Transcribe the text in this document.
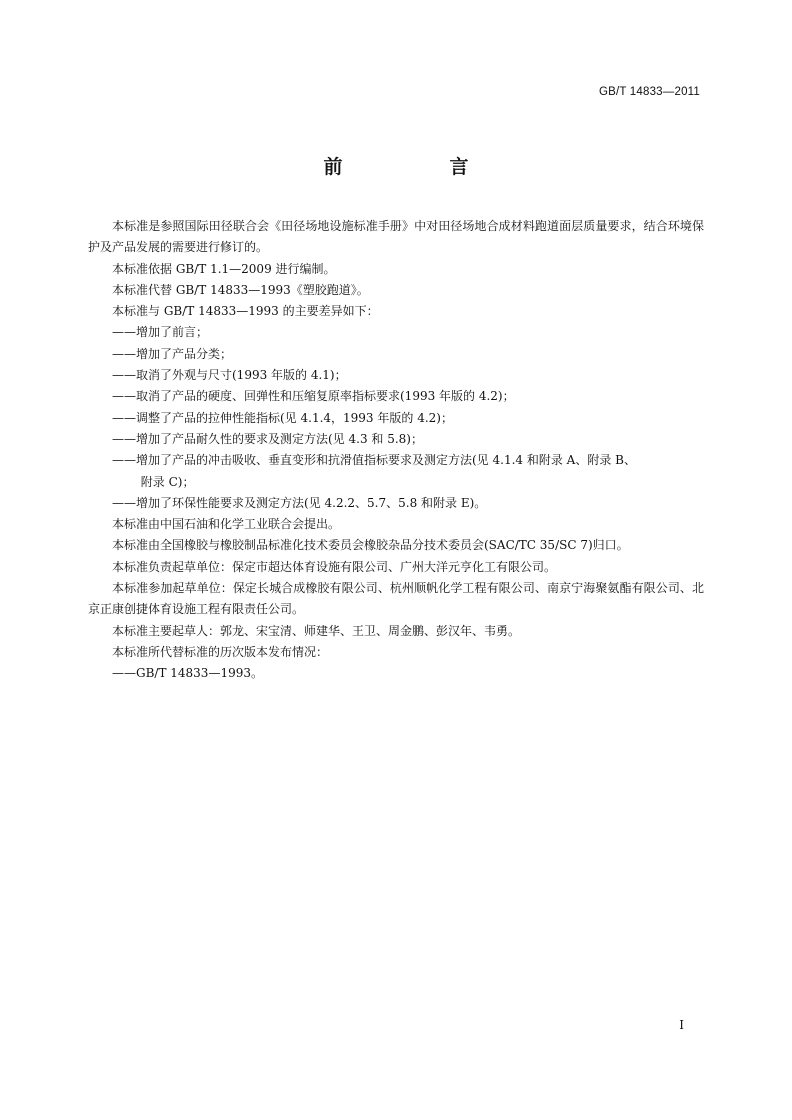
GB/T 14833—2011
前　言

本标准是参照国际田径联合会《田径场地设施标准手册》中对田径场地合成材料跑道面层质量要求，结合环境保护及产品发展的需要进行修订的。

本标准依据 GB/T 1.1—2009 进行编制。

本标准代替 GB/T 14833—1993《塑胶跑道》。

本标准与 GB/T 14833—1993 的主要差异如下：

——增加了前言；

——增加了产品分类；

——取消了外观与尺寸(1993 年版的 4.1)；

——取消了产品的硬度、回弹性和压缩复原率指标要求(1993 年版的 4.2)；

——调整了产品的拉伸性能指标(见 4.1.4，1993 年版的 4.2)；

——增加了产品耐久性的要求及测定方法(见 4.3 和 5.8)；

——增加了产品的冲击吸收、垂直变形和抗滑值指标要求及测定方法(见 4.1.4 和附录 A、附录 B、
附录 C)；

——增加了环保性能要求及测定方法(见 4.2.2、5.7、5.8 和附录 E)。

本标准由中国石油和化学工业联合会提出。

本标准由全国橡胶与橡胶制品标准化技术委员会橡胶杂品分技术委员会(SAC/TC 35/SC 7)归口。

本标准负责起草单位：保定市超达体育设施有限公司、广州大洋元亨化工有限公司。

本标准参加起草单位：保定长城合成橡胶有限公司、杭州顺帆化学工程有限公司、南京宁海聚氨酯有限公司、北京正康创捷体育设施工程有限责任公司。

本标准主要起草人：郭龙、宋宝清、师建华、王卫、周金鹏、彭汉年、韦勇。

本标准所代替标准的历次版本发布情况：

——GB/T 14833—1993。

I
